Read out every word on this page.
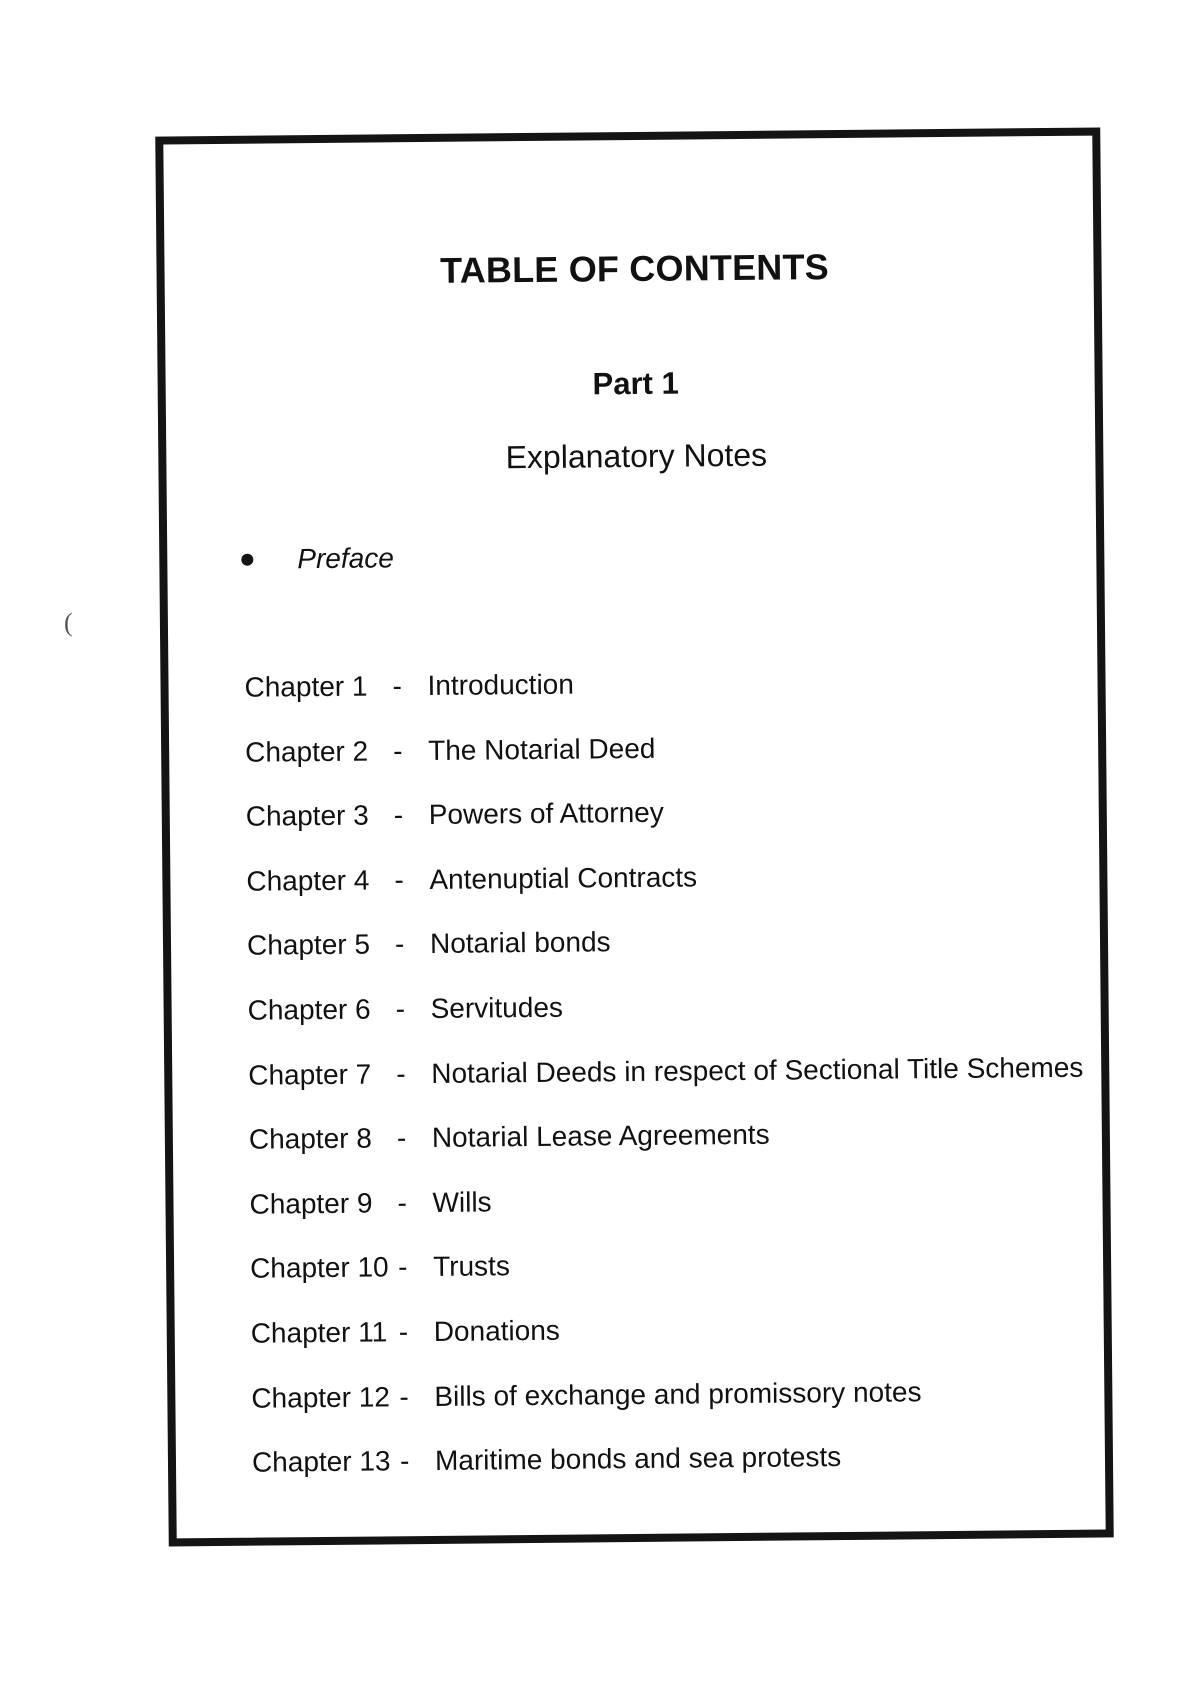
(
TABLE OF CONTENTS
Part 1
Explanatory Notes
Preface
Chapter 1 - Introduction
Chapter 2 - The Notarial Deed
Chapter 3 - Powers of Attorney
Chapter 4 - Antenuptial Contracts
Chapter 5 - Notarial bonds
Chapter 6 - Servitudes
Chapter 7 - Notarial Deeds in respect of Sectional Title Schemes
Chapter 8 - Notarial Lease Agreements
Chapter 9 - Wills
Chapter 10 - Trusts
Chapter 11 - Donations
Chapter 12 - Bills of exchange and promissory notes
Chapter 13 - Maritime bonds and sea protests
